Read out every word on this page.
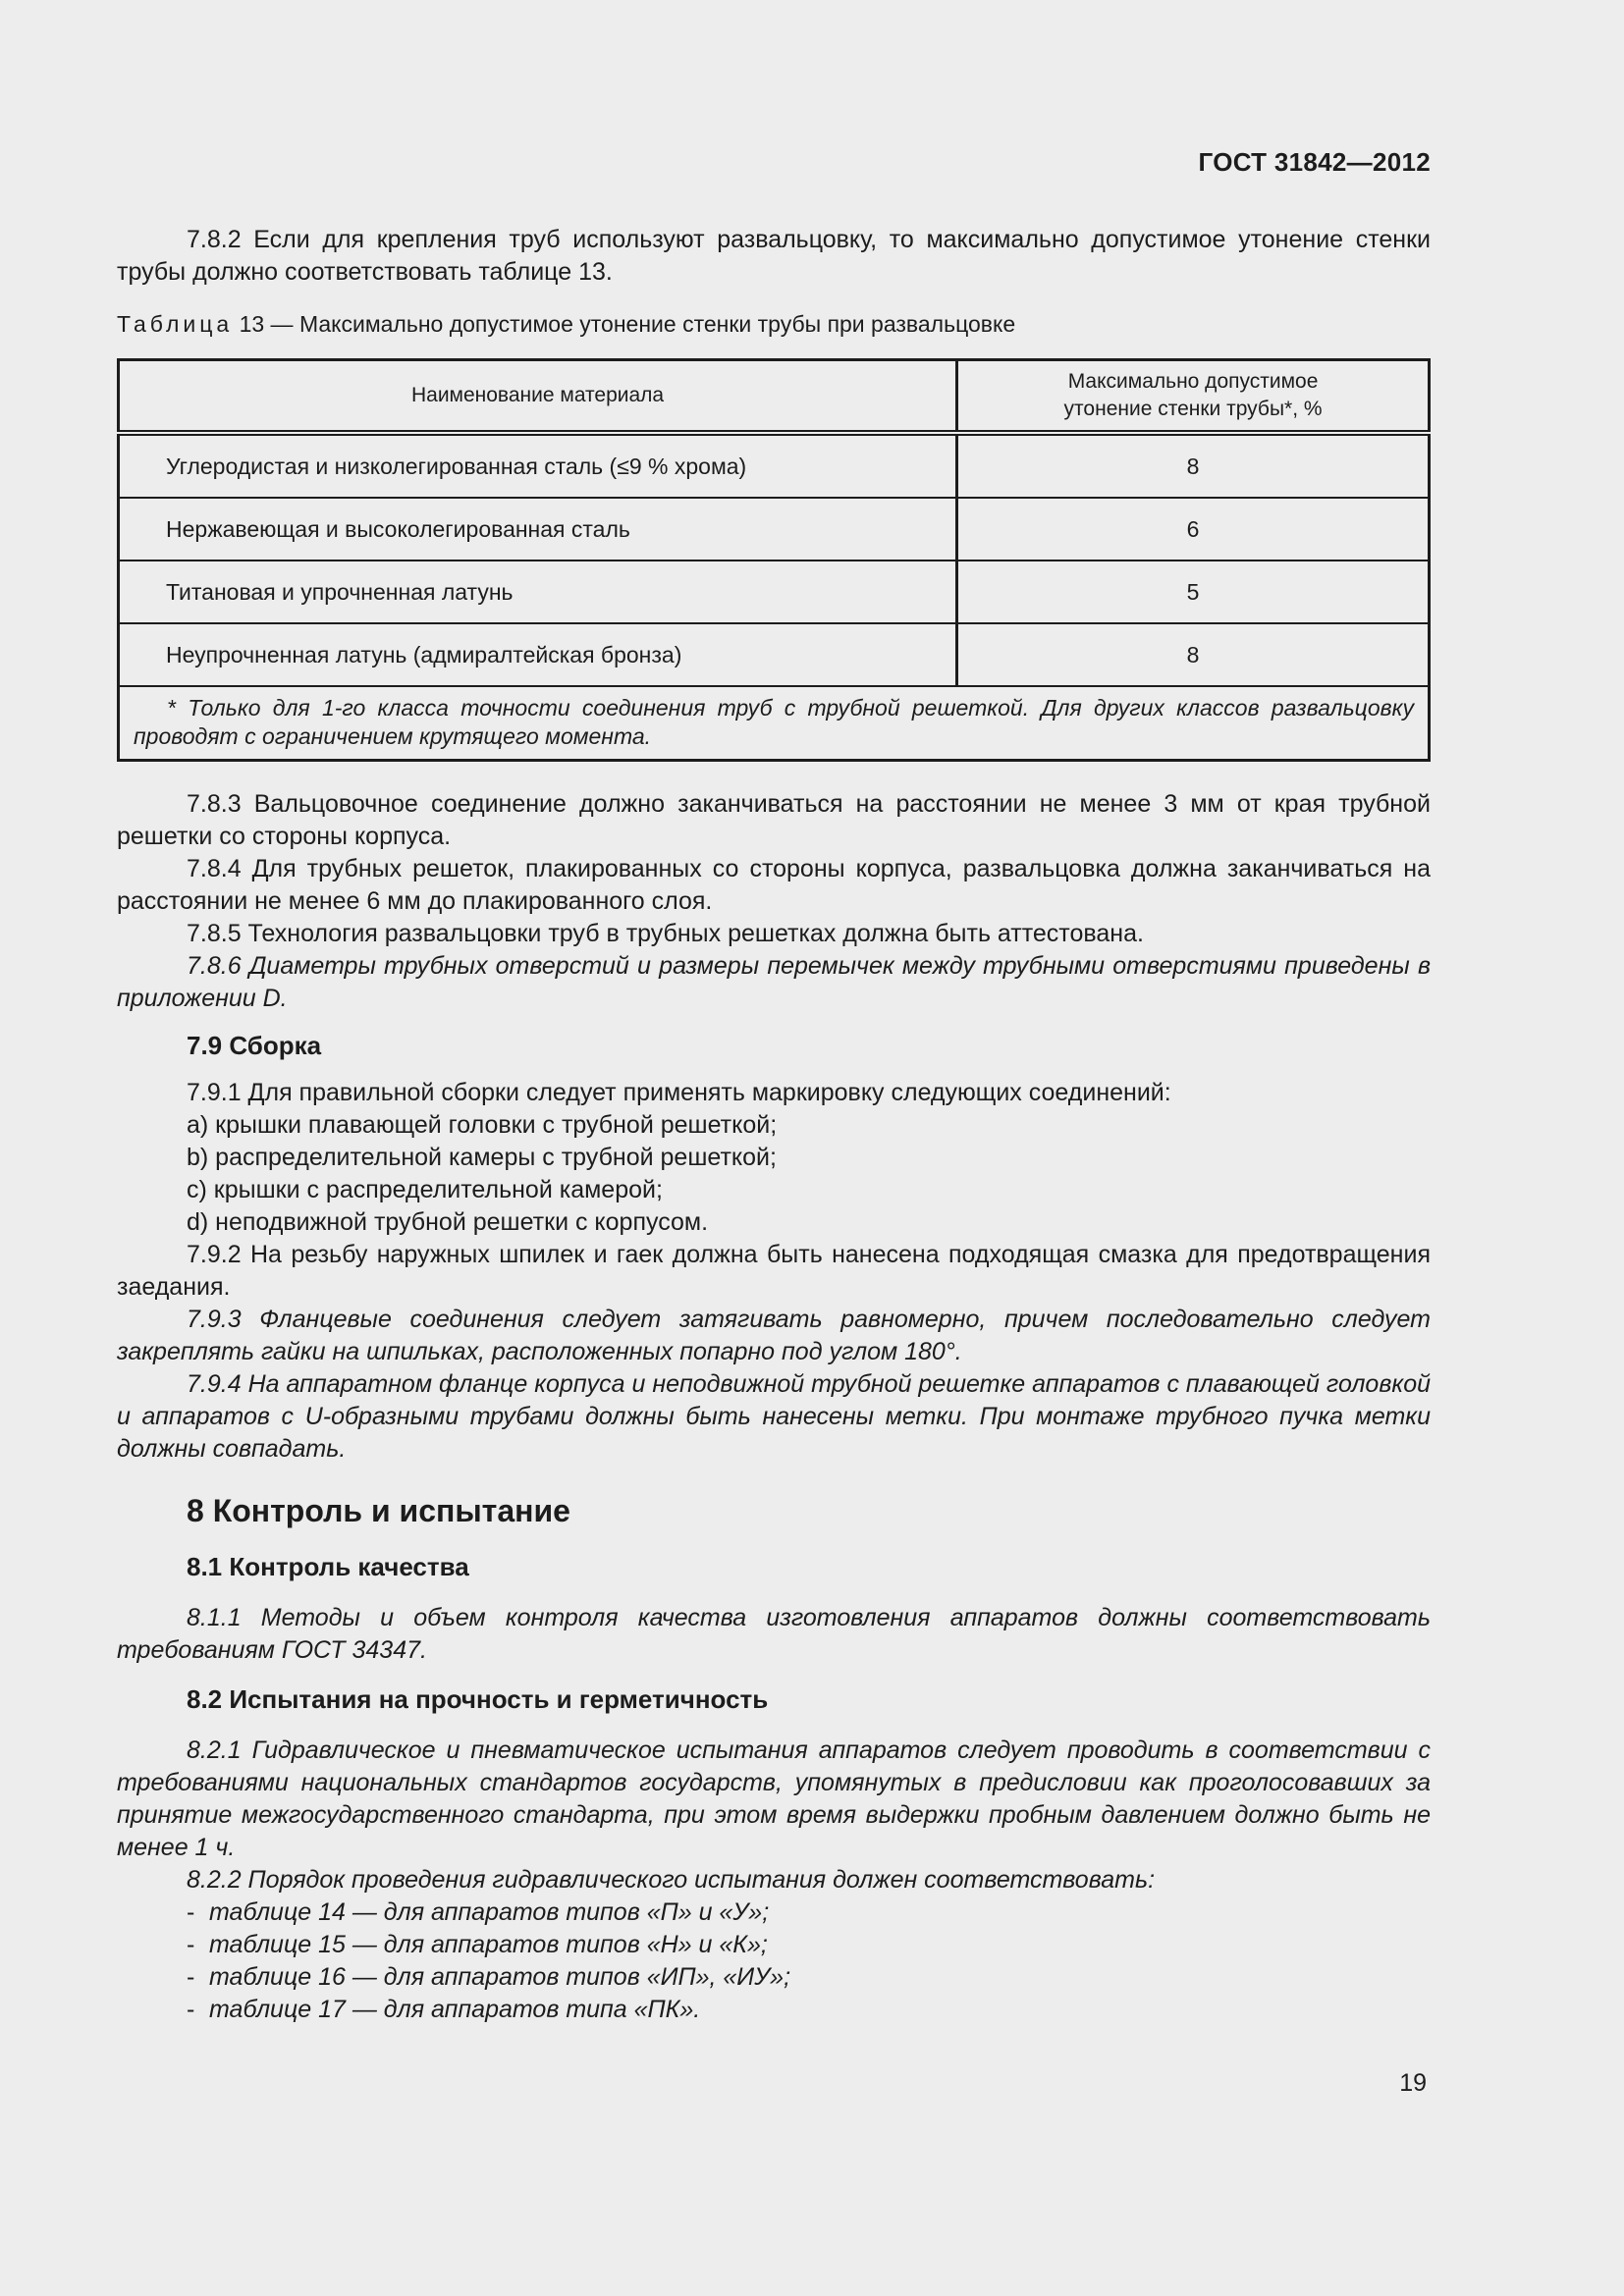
ГОСТ 31842—2012

7.8.2 Если для крепления труб используют развальцовку, то максимально допустимое утонение стенки трубы должно соответствовать таблице 13.

Таблица 13 — Максимально допустимое утонение стенки трубы при развальцовке
Наименование материала	Максимально допустимое
утонение стенки трубы*, %

Углеродистая и низколегированная сталь (≤9 % хрома)	8
Нержавеющая и высоколегированная сталь	6
Титановая и упрочненная латунь	5
Неупрочненная латунь (адмиралтейская бронза)	8
* Только для 1-го класса точности соединения труб с трубной решеткой. Для других классов развальцовку проводят с ограничением крутящего момента.	

7.8.3 Вальцовочное соединение должно заканчиваться на расстоянии не менее 3 мм от края трубной решетки со стороны корпуса.

7.8.4 Для трубных решеток, плакированных со стороны корпуса, развальцовка должна заканчиваться на расстоянии не менее 6 мм до плакированного слоя.

7.8.5 Технология развальцовки труб в трубных решетках должна быть аттестована.

7.8.6 Диаметры трубных отверстий и размеры перемычек между трубными отверстиями приведены в приложении D.

7.9 Сборка

7.9.1 Для правильной сборки следует применять маркировку следующих соединений:

a) крышки плавающей головки с трубной решеткой;

b) распределительной камеры с трубной решеткой;

c) крышки с распределительной камерой;

d) неподвижной трубной решетки с корпусом.

7.9.2 На резьбу наружных шпилек и гаек должна быть нанесена подходящая смазка для предотвращения заедания.

7.9.3 Фланцевые соединения следует затягивать равномерно, причем последовательно следует закреплять гайки на шпильках, расположенных попарно под углом 180°.

7.9.4 На аппаратном фланце корпуса и неподвижной трубной решетке аппаратов с плавающей головкой и аппаратов с U-образными трубами должны быть нанесены метки. При монтаже трубного пучка метки должны совпадать.

8 Контроль и испытание

8.1 Контроль качества

8.1.1 Методы и объем контроля качества изготовления аппаратов должны соответствовать требованиям ГОСТ 34347.

8.2 Испытания на прочность и герметичность

8.2.1 Гидравлическое и пневматическое испытания аппаратов следует проводить в соответствии с требованиями национальных стандартов государств, упомянутых в предисловии как проголосовавших за принятие межгосударственного стандарта, при этом время выдержки пробным давлением должно быть не менее 1 ч.

8.2.2 Порядок проведения гидравлического испытания должен соответствовать:

- таблице 14 — для аппаратов типов «П» и «У»;

- таблице 15 — для аппаратов типов «Н» и «К»;

- таблице 16 — для аппаратов типов «ИП», «ИУ»;

- таблице 17 — для аппаратов типа «ПК».

19
